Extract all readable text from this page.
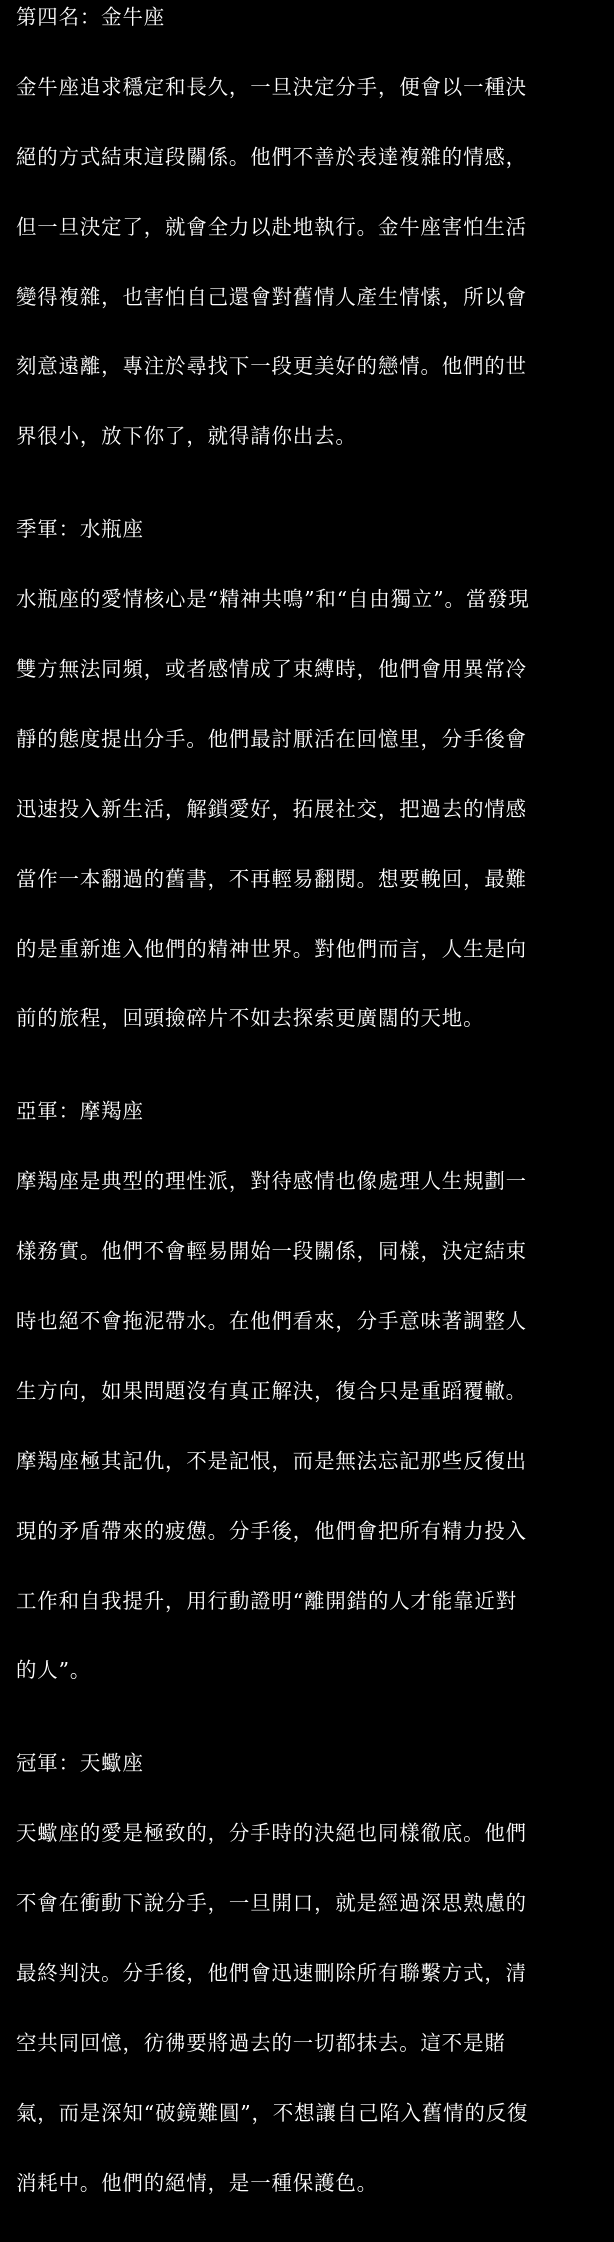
第四名：金牛座

金牛座追求穩定和長久，一旦決定分手，便會以一種決

絕的方式結束這段關係。他們不善於表達複雜的情感，

但一旦決定了，就會全力以赴地執行。金牛座害怕生活

變得複雜，也害怕自己還會對舊情人產生情愫，所以會

刻意遠離，專注於尋找下一段更美好的戀情。他們的世

界很小，放下你了，就得請你出去。

季軍：水瓶座

水瓶座的愛情核心是“精神共鳴”和“自由獨立”。當發現

雙方無法同頻，或者感情成了束縛時，他們會用異常冷

靜的態度提出分手。他們最討厭活在回憶里，分手後會

迅速投入新生活，解鎖愛好，拓展社交，把過去的情感

當作一本翻過的舊書，不再輕易翻閱。想要輓回，最難

的是重新進入他們的精神世界。對他們而言，人生是向

前的旅程，回頭撿碎片不如去探索更廣闊的天地。

亞軍：摩羯座

摩羯座是典型的理性派，對待感情也像處理人生規劃一

樣務實。他們不會輕易開始一段關係，同樣，決定結束

時也絕不會拖泥帶水。在他們看來，分手意味著調整人

生方向，如果問題沒有真正解決，復合只是重蹈覆轍。

摩羯座極其記仇，不是記恨，而是無法忘記那些反復出

現的矛盾帶來的疲憊。分手後，他們會把所有精力投入

工作和自我提升，用行動證明“離開錯的人才能靠近對

的人”。

冠軍：天蠍座

天蠍座的愛是極致的，分手時的決絕也同樣徹底。他們

不會在衝動下說分手，一旦開口，就是經過深思熟慮的

最終判決。分手後，他們會迅速刪除所有聯繫方式，清

空共同回憶，彷彿要將過去的一切都抹去。這不是賭

氣，而是深知“破鏡難圓”，不想讓自己陷入舊情的反復

消耗中。他們的絕情，是一種保護色。
